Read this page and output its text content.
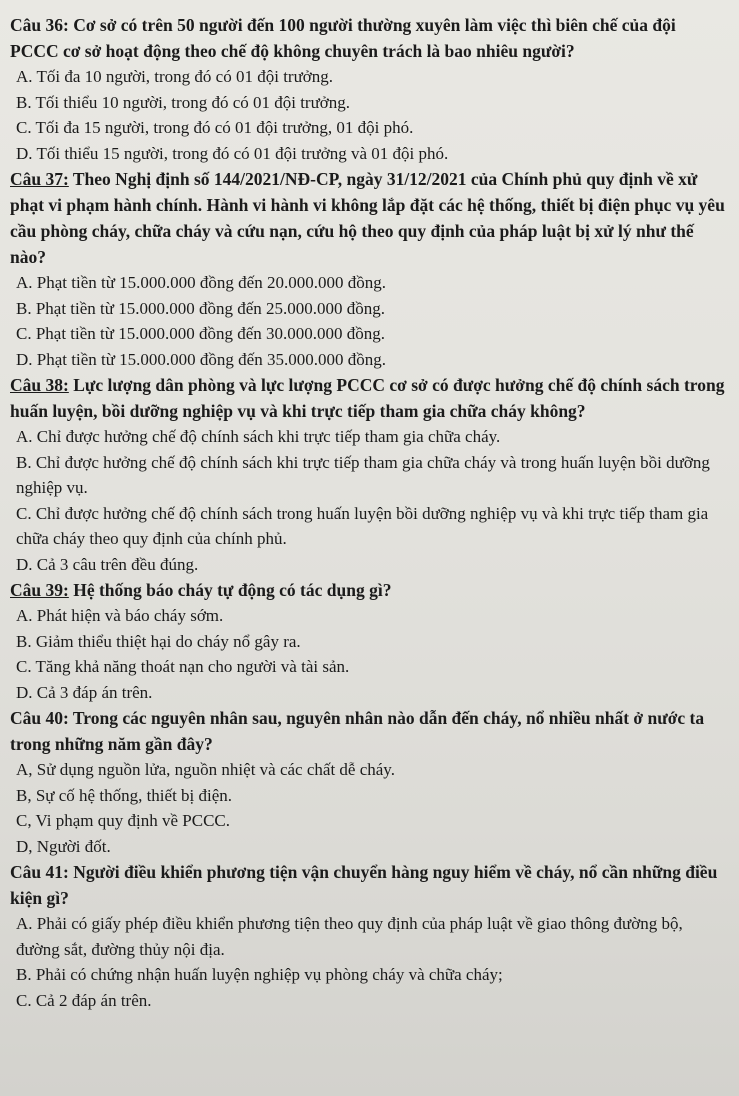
Câu 36: Cơ sở có trên 50 người đến 100 người thường xuyên làm việc thì biên chế của đội PCCC cơ sở hoạt động theo chế độ không chuyên trách là bao nhiêu người?
A. Tối đa 10 người, trong đó có 01 đội trưởng.
B. Tối thiểu 10 người, trong đó có 01 đội trưởng.
C. Tối đa 15 người, trong đó có 01 đội trưởng, 01 đội phó.
D. Tối thiểu 15 người, trong đó có 01 đội trưởng và 01 đội phó.
Câu 37: Theo Nghị định số 144/2021/NĐ-CP, ngày 31/12/2021 của Chính phủ quy định về xử phạt vi phạm hành chính. Hành vi hành vi không lắp đặt các hệ thống, thiết bị điện phục vụ yêu cầu phòng cháy, chữa cháy và cứu nạn, cứu hộ theo quy định của pháp luật bị xử lý như thế nào?
A. Phạt tiền từ 15.000.000 đồng đến 20.000.000 đồng.
B. Phạt tiền từ 15.000.000 đồng đến 25.000.000 đồng.
C. Phạt tiền từ 15.000.000 đồng đến 30.000.000 đồng.
D. Phạt tiền từ 15.000.000 đồng đến 35.000.000 đồng.
Câu 38: Lực lượng dân phòng và lực lượng PCCC cơ sở có được hưởng chế độ chính sách trong huấn luyện, bồi dưỡng nghiệp vụ và khi trực tiếp tham gia chữa cháy không?
A. Chỉ được hưởng chế độ chính sách khi trực tiếp tham gia chữa cháy.
B. Chỉ được hưởng chế độ chính sách khi trực tiếp tham gia chữa cháy và trong huấn luyện bồi dưỡng nghiệp vụ.
C. Chỉ được hưởng chế độ chính sách trong huấn luyện bồi dưỡng nghiệp vụ và khi trực tiếp tham gia chữa cháy theo quy định của chính phủ.
D. Cả 3 câu trên đều đúng.
Câu 39: Hệ thống báo cháy tự động có tác dụng gì?
A. Phát hiện và báo cháy sớm.
B. Giảm thiểu thiệt hại do cháy nổ gây ra.
C. Tăng khả năng thoát nạn cho người và tài sản.
D. Cả 3 đáp án trên.
Câu 40: Trong các nguyên nhân sau, nguyên nhân nào dẫn đến cháy, nổ nhiều nhất ở nước ta trong những năm gần đây?
A, Sử dụng nguồn lửa, nguồn nhiệt và các chất dễ cháy.
B, Sự cố hệ thống, thiết bị điện.
C, Vi phạm quy định về PCCC.
D, Người đốt.
Câu 41: Người điều khiển phương tiện vận chuyển hàng nguy hiểm về cháy, nổ cần những điều kiện gì?
A. Phải có giấy phép điều khiển phương tiện theo quy định của pháp luật về giao thông đường bộ, đường sắt, đường thủy nội địa.
B. Phải có chứng nhận huấn luyện nghiệp vụ phòng cháy và chữa cháy;
C. Cả 2 đáp án trên.
